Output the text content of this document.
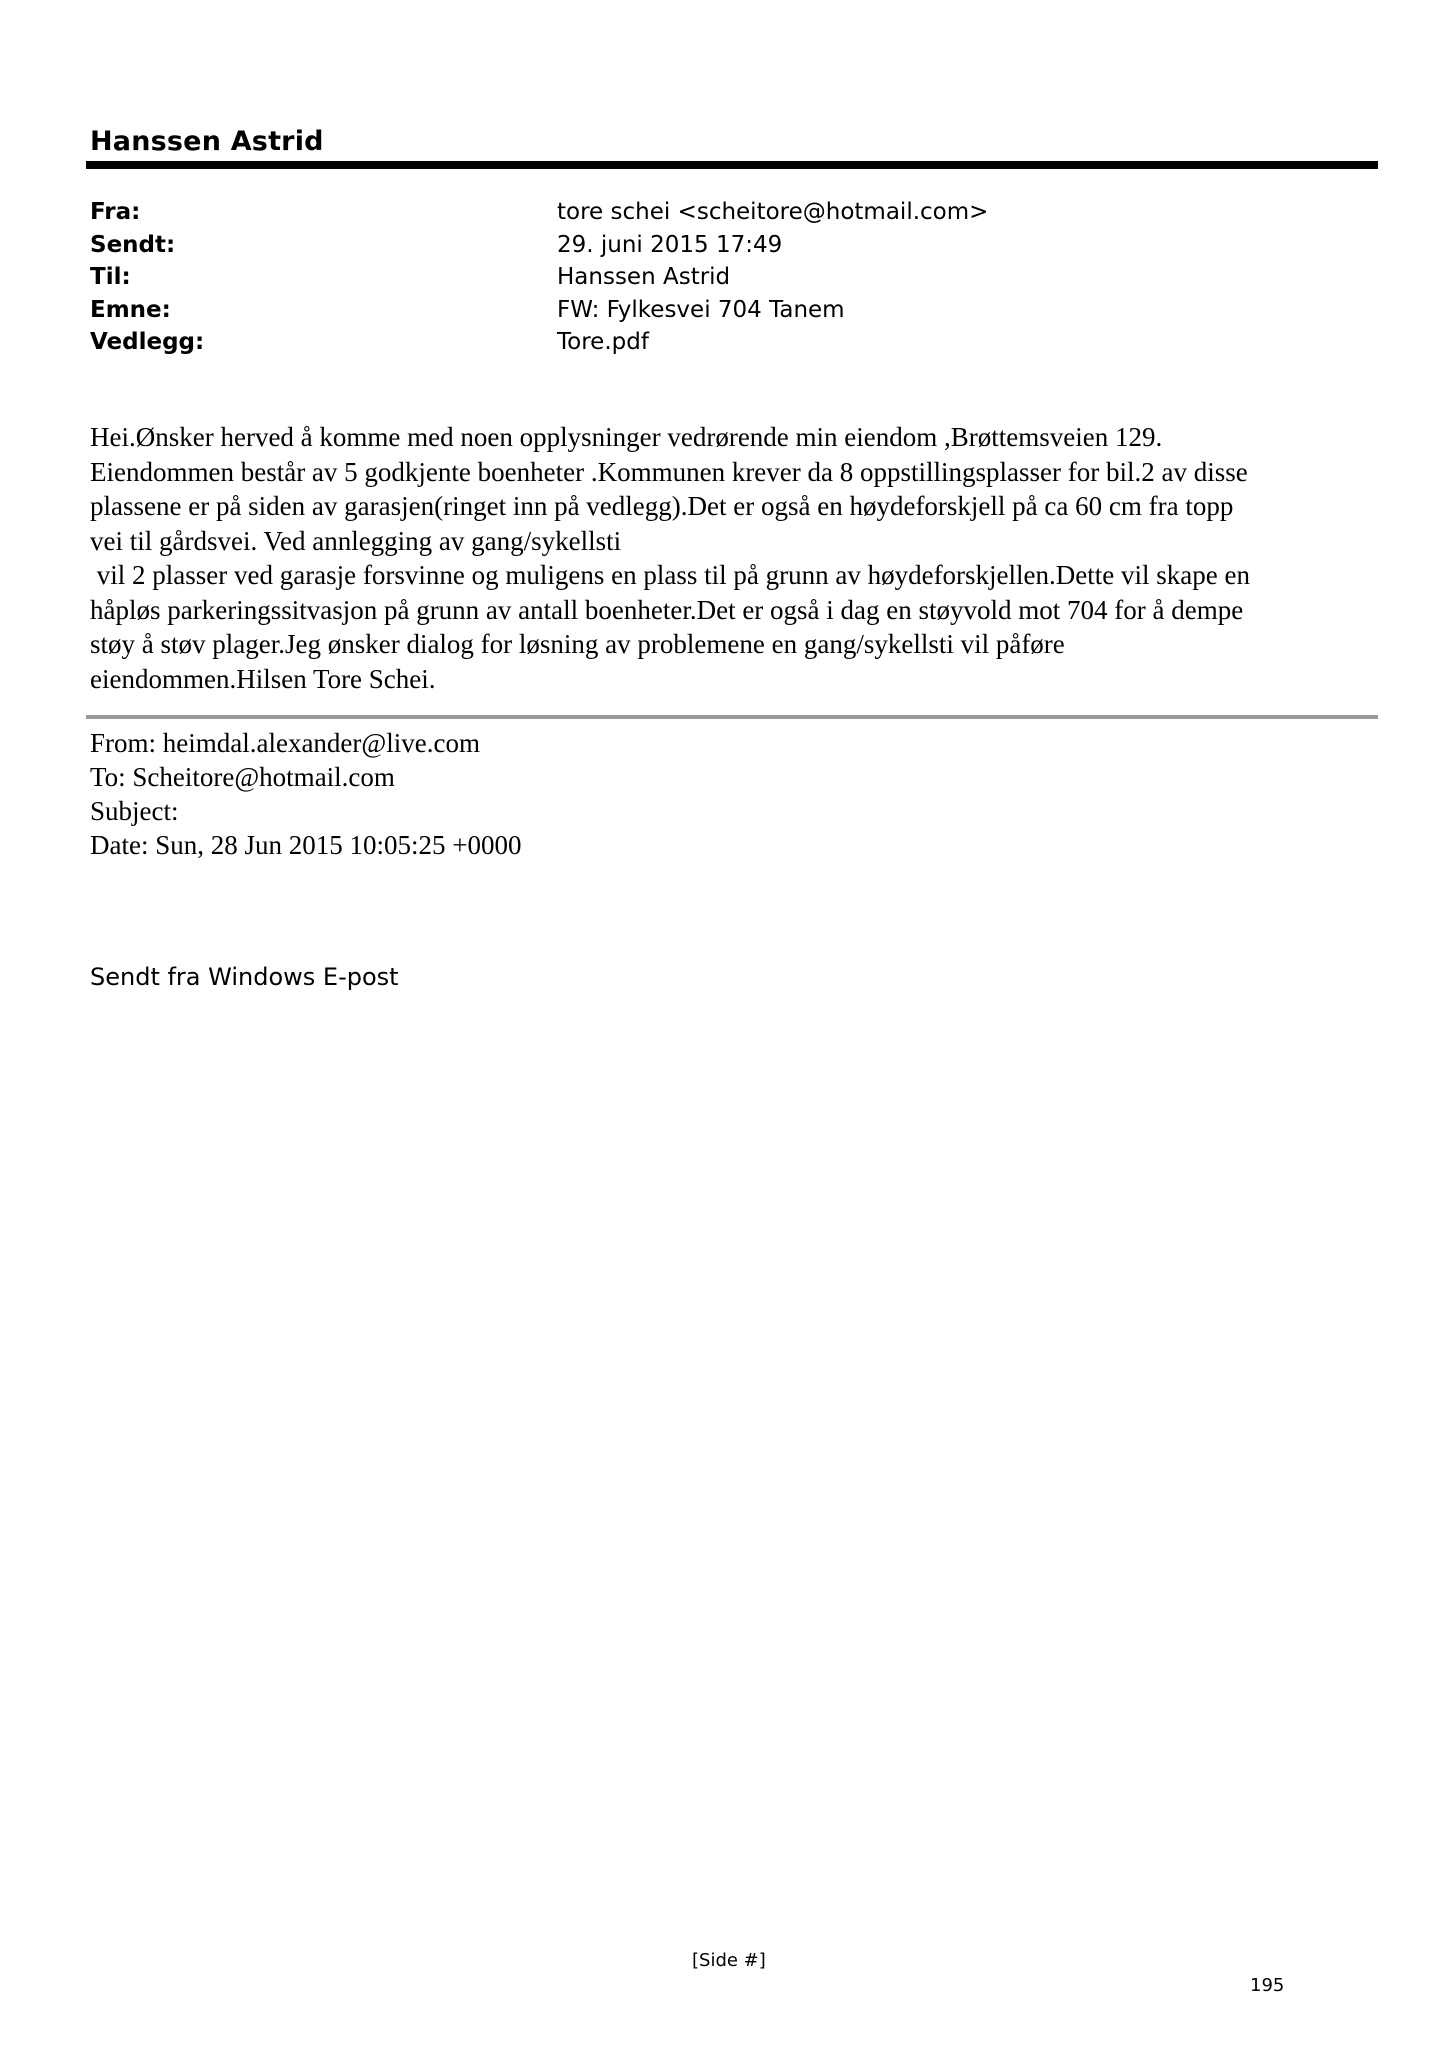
Hanssen Astrid
Fra:	tore schei <scheitore@hotmail.com>
Sendt:	29. juni 2015 17:49
Til:	Hanssen Astrid
Emne:	FW: Fylkesvei 704 Tanem
Vedlegg:	Tore.pdf
Hei.Ønsker herved å komme med noen opplysninger vedrørende min eiendom ,Brøttemsveien 129.
Eiendommen består av 5 godkjente boenheter .Kommunen krever da 8 oppstillingsplasser for bil.2 av disse
plassene er på siden av garasjen(ringet inn på vedlegg).Det er også en høydeforskjell på ca 60 cm fra topp
vei til gårdsvei. Ved annlegging av gang/sykellsti
vil 2 plasser ved garasje forsvinne og muligens en plass til på grunn av høydeforskjellen.Dette vil skape en
håpløs parkeringssitvasjon på grunn av antall boenheter.Det er også i dag en støyvold mot 704 for å dempe
støy å støv plager.Jeg ønsker dialog for løsning av problemene en gang/sykellsti vil påføre
eiendommen.Hilsen Tore Schei.
From: heimdal.alexander@live.com
To: Scheitore@hotmail.com
Subject:
Date: Sun, 28 Jun 2015 10:05:25 +0000
Sendt fra Windows E-post
[Side #]
195
